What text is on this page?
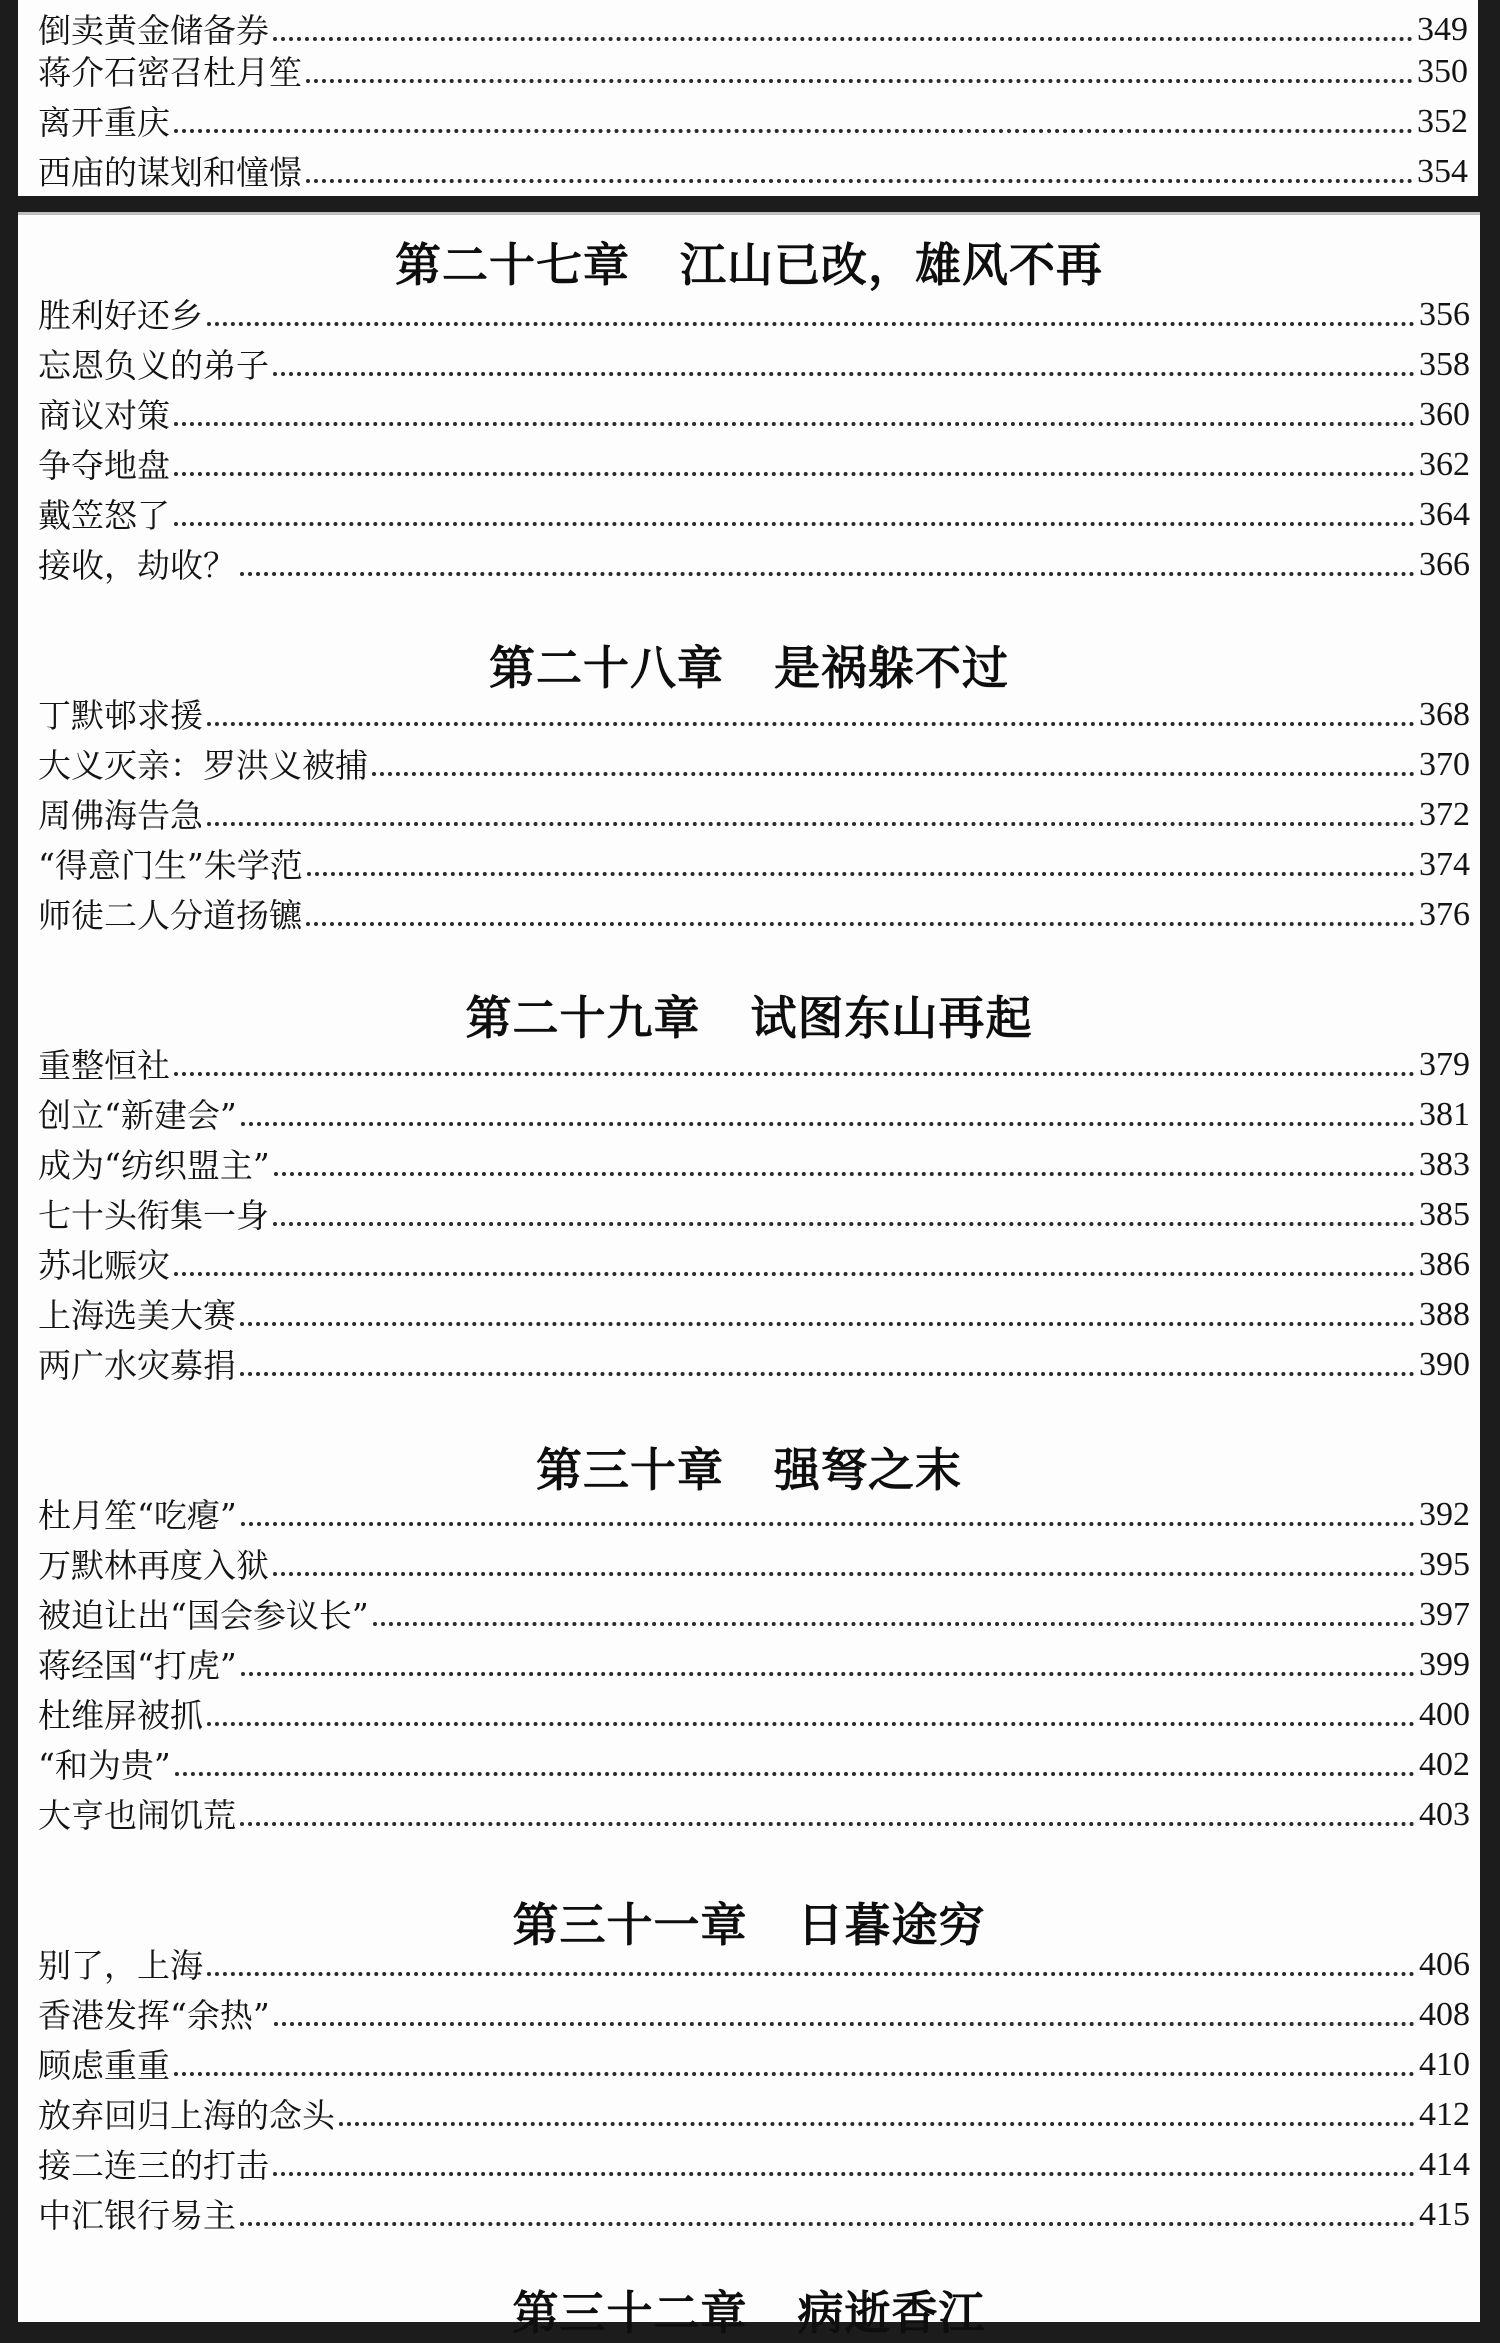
倒卖黄金储备券	349
蒋介石密召杜月笙	350
离开重庆	352
西庙的谋划和憧憬	354
第二十七章 江山已改，雄风不再
胜利好还乡	356
忘恩负义的弟子	358
商议对策	360
争夺地盘	362
戴笠怒了	364
接收，劫收？	366
第二十八章 是祸躲不过
丁默邨求援	368
大义灭亲：罗洪义被捕	370
周佛海告急	372
“得意门生”朱学范	374
师徒二人分道扬镳	376
第二十九章 试图东山再起
重整恒社	379
创立“新建会”	381
成为“纺织盟主”	383
七十头衔集一身	385
苏北赈灾	386
上海选美大赛	388
两广水灾募捐	390
第三十章 强弩之末
杜月笙“吃瘪”	392
万默林再度入狱	395
被迫让出“国会参议长”	397
蒋经国“打虎”	399
杜维屏被抓	400
“和为贵”	402
大亨也闹饥荒	403
第三十一章 日暮途穷
别了，上海	406
香港发挥“余热”	408
顾虑重重	410
放弃回归上海的念头	412
接二连三的打击	414
中汇银行易主	415
第三十二章 病逝香江
